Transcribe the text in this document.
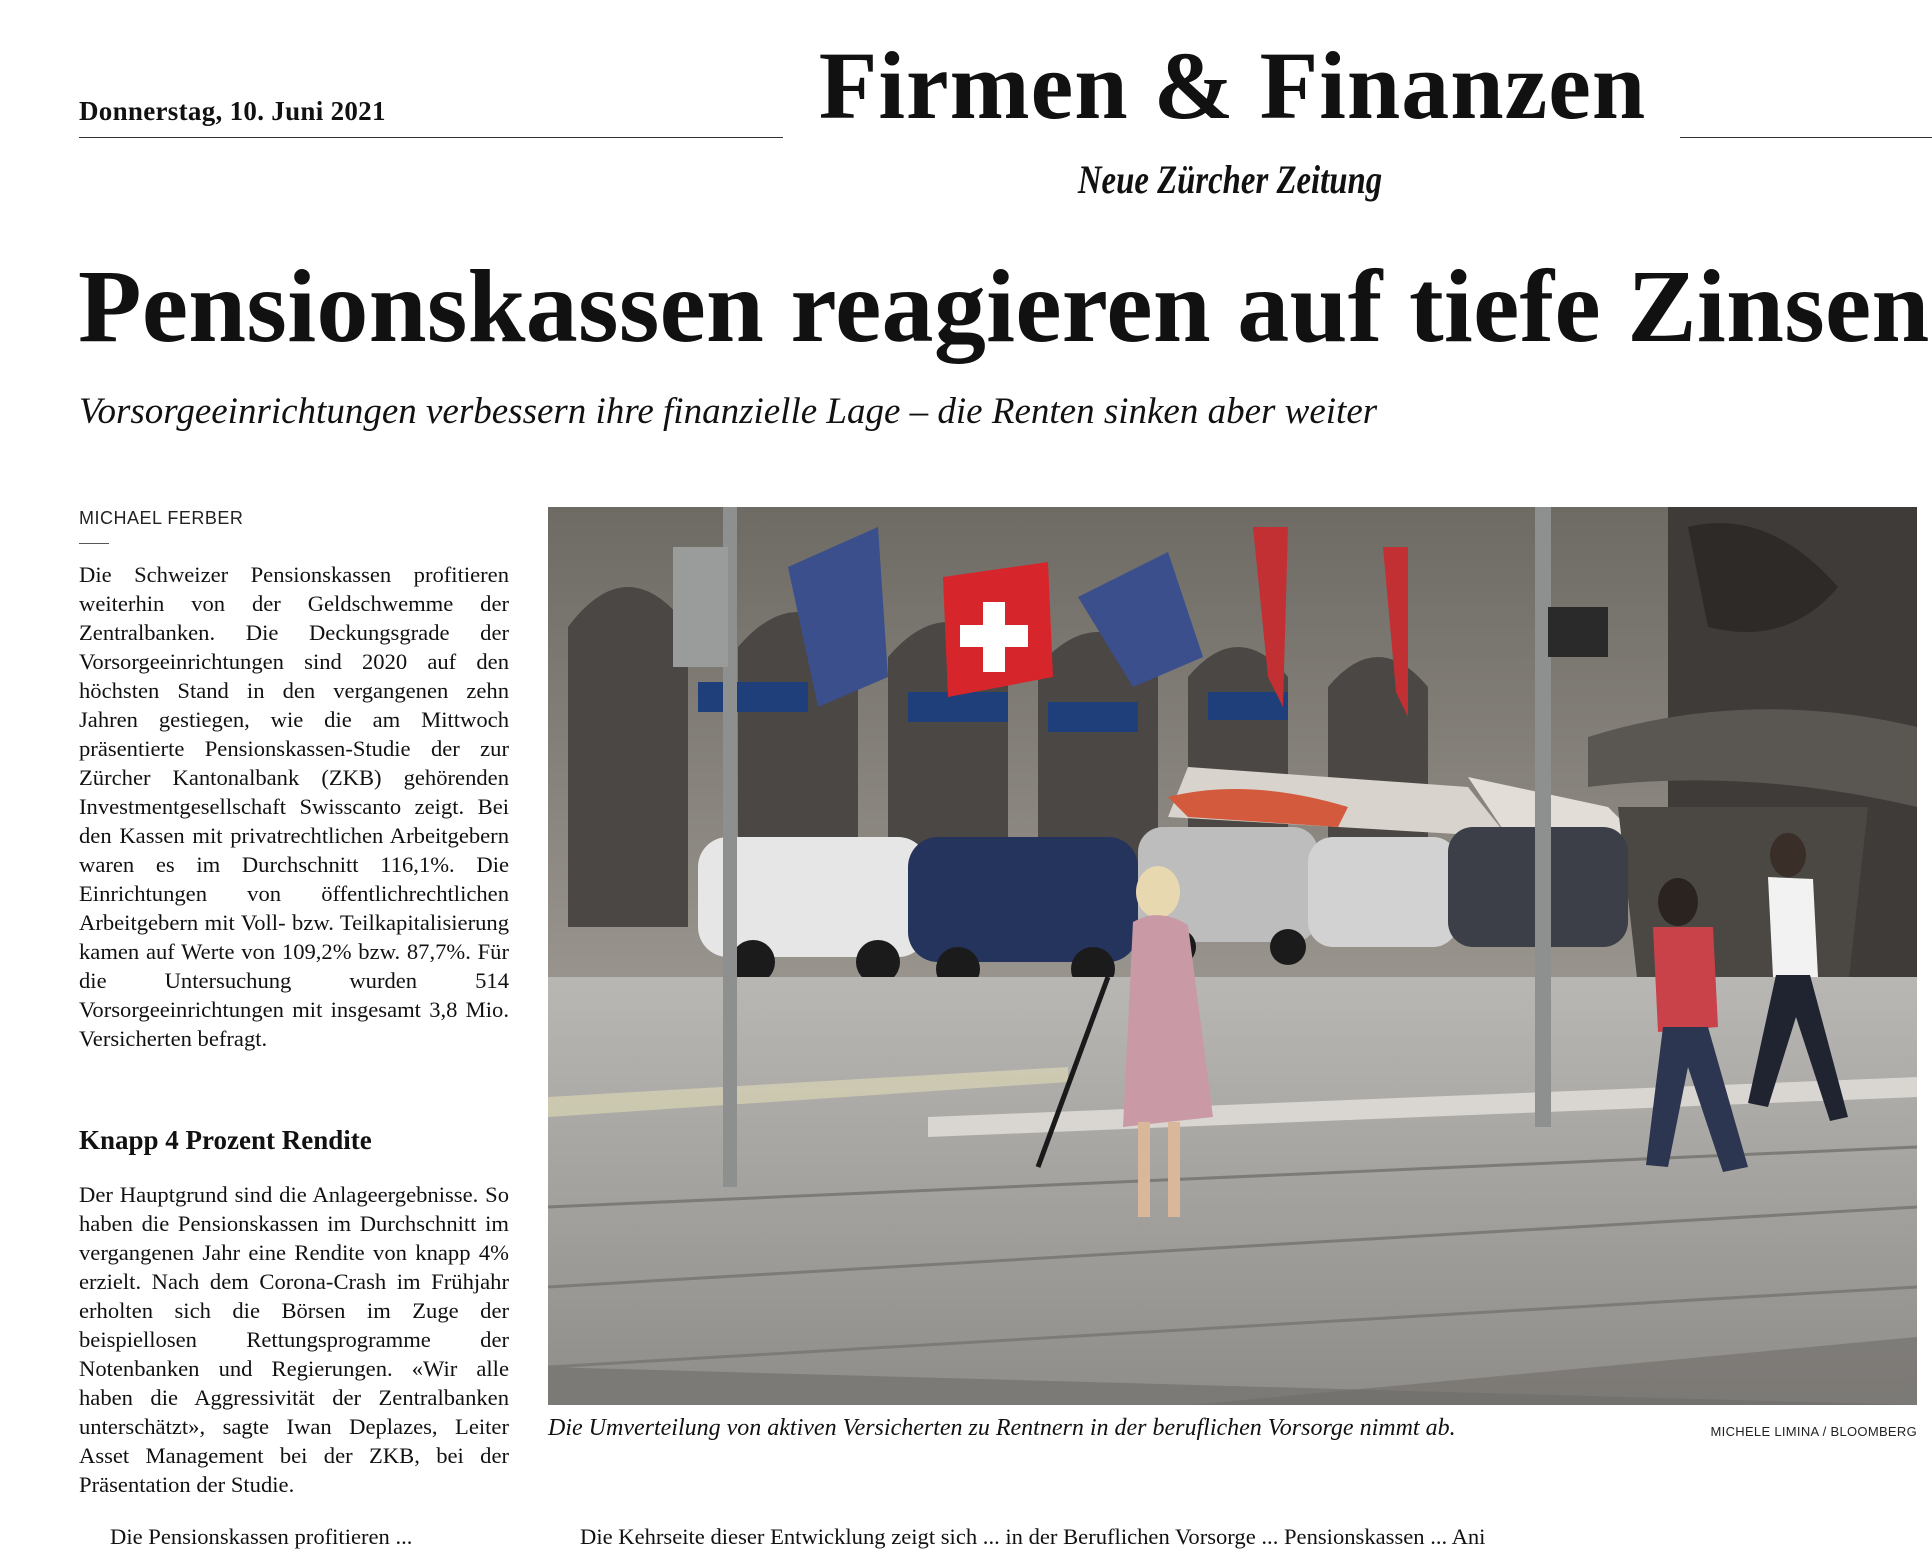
Donnerstag, 10. Juni 2021	Firmen & Finanzen
Neue Zürcher Zeitung
Pensionskassen reagieren auf tiefe Zinsen
Vorsorgeeinrichtungen verbessern ihre finanzielle Lage – die Renten sinken aber weiter
MICHAEL FERBER

Die Schweizer Pensionskassen profitieren weiterhin von der Geldschwemme der Zentralbanken. Die Deckungsgrade der Vorsorgeeinrichtungen sind 2020 auf den höchsten Stand in den vergangenen zehn Jahren gestiegen, wie die am Mittwoch präsentierte Pensionskassen-Studie der zur Zürcher Kantonalbank (ZKB) gehörenden Investmentgesellschaft Swisscanto zeigt. Bei den Kassen mit privatrechtlichen Arbeitgebern waren es im Durchschnitt 116,1%. Die Einrichtungen von öffentlichrechtlichen Arbeitgebern mit Voll- bzw. Teilkapitalisierung kamen auf Werte von 109,2% bzw. 87,7%. Für die Untersuchung wurden 514 Vorsorgeeinrichtungen mit insgesamt 3,8 Mio. Versicherten befragt.

Knapp 4 Prozent Rendite

Der Hauptgrund sind die Anlageergebnisse. So haben die Pensionskassen im Durchschnitt im vergangenen Jahr eine Rendite von knapp 4% erzielt. Nach dem Corona-Crash im Frühjahr erholten sich die Börsen im Zuge der beispiellosen Rettungsprogramme der Notenbanken und Regierungen. «Wir alle haben die Aggressivität der Zentralbanken unterschätzt», sagte Iwan Deplazes, Leiter Asset Management bei der ZKB, bei der Präsentation der Studie.

Die Umverteilung von aktiven Versicherten zu Rentnern in der beruflichen Vorsorge nimmt ab.	MICHELE LIMINA / BLOOMBERG
Die Pensionskassen profitieren ...	Die Kehrseite dieser Entwicklung zeigt sich ... in der Beruflichen Vorsorge ... Pensionskassen ... Ani
